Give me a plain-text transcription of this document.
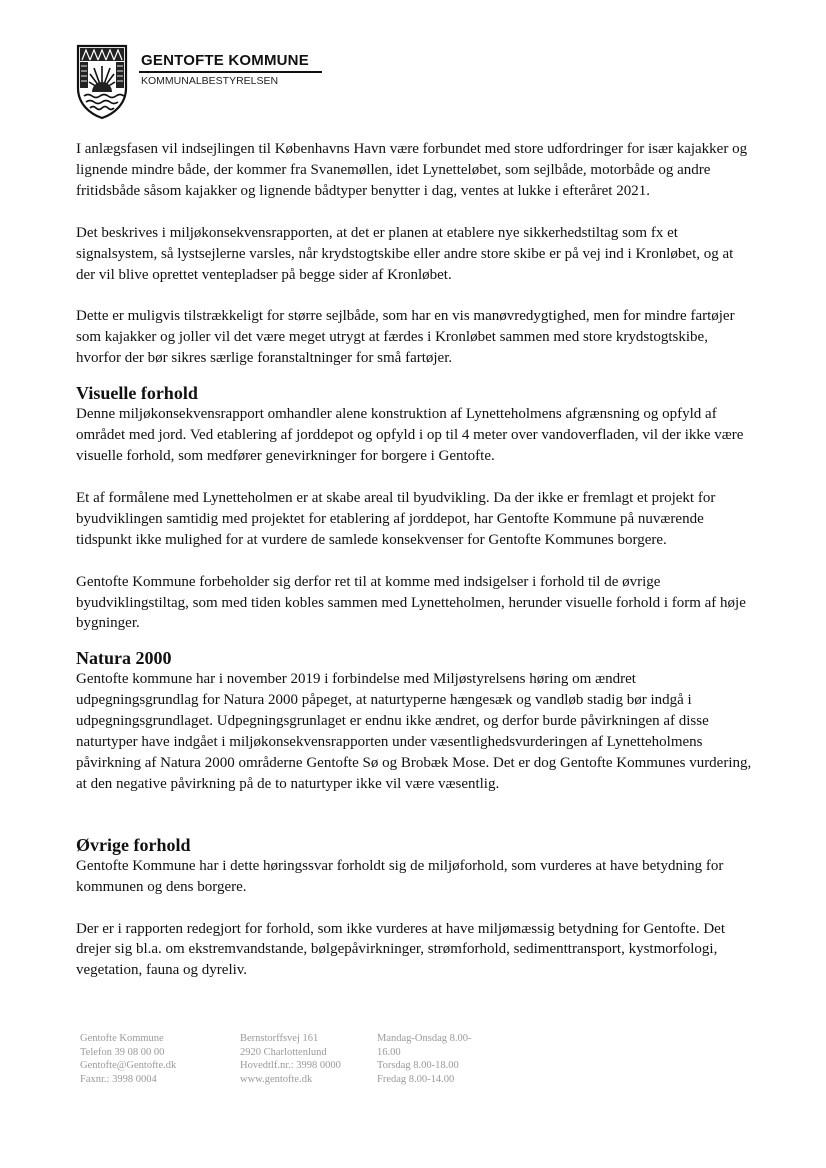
GENTOFTE KOMMUNE
KOMMUNALBESTYRELSEN

I anlægsfasen vil indsejlingen til Københavns Havn være forbundet med store udfordringer for især kajakker og lignende mindre både, der kommer fra Svanemøllen, idet Lynetteløbet, som sejlbåde, motorbåde og andre fritidsbåde såsom kajakker og lignende bådtyper benytter i dag, ventes at lukke i efteråret 2021.

Det beskrives i miljøkonsekvensrapporten, at det er planen at etablere nye sikkerhedstiltag som fx et signalsystem, så lystsejlerne varsles, når krydstogtskibe eller andre store skibe er på vej ind i Kronløbet, og at der vil blive oprettet ventepladser på begge sider af Kronløbet.

Dette er muligvis tilstrækkeligt for større sejlbåde, som har en vis manøvredygtighed, men for mindre fartøjer som kajakker og joller vil det være meget utrygt at færdes i Kronløbet sammen med store krydstogtskibe, hvorfor der bør sikres særlige foranstaltninger for små fartøjer.

Visuelle forhold

Denne miljøkonsekvensrapport omhandler alene konstruktion af Lynetteholmens afgrænsning og opfyld af området med jord. Ved etablering af jorddepot og opfyld i op til 4 meter over vandoverfladen, vil der ikke være visuelle forhold, som medfører genevirkninger for borgere i Gentofte.

Et af formålene med Lynetteholmen er at skabe areal til byudvikling. Da der ikke er fremlagt et projekt for byudviklingen samtidig med projektet for etablering af jorddepot, har Gentofte Kommune på nuværende tidspunkt ikke mulighed for at vurdere de samlede konsekvenser for Gentofte Kommunes borgere.

Gentofte Kommune forbeholder sig derfor ret til at komme med indsigelser i forhold til de øvrige byudviklingstiltag, som med tiden kobles sammen med Lynetteholmen, herunder visuelle forhold i form af høje bygninger.

Natura 2000

Gentofte kommune har i november 2019 i forbindelse med Miljøstyrelsens høring om ændret udpegningsgrundlag for Natura 2000 påpeget, at naturtyperne hængesæk og vandløb stadig bør indgå i udpegningsgrundlaget. Udpegningsgrunlaget er endnu ikke ændret, og derfor burde påvirkningen af disse naturtyper have indgået i miljøkonsekvensrapporten under væsentlighedsvurderingen af Lynetteholmens påvirkning af Natura 2000 områderne Gentofte Sø og Brobæk Mose. Det er dog Gentofte Kommunes vurdering, at den negative påvirkning på de to naturtyper ikke vil være væsentlig.

Øvrige forhold

Gentofte Kommune har i dette høringssvar forholdt sig de miljøforhold, som vurderes at have betydning for kommunen og dens borgere.

Der er i rapporten redegjort for forhold, som ikke vurderes at have miljømæssig betydning for Gentofte. Det drejer sig bl.a. om ekstremvandstande, bølgepåvirkninger, strømforhold, sedimenttransport, kystmorfologi, vegetation, fauna og dyreliv.

Gentofte Kommune
Telefon 39 08 00 00
Gentofte@Gentofte.dk
Faxnr.: 3998 0004
Bernstorffsvej 161
2920 Charlottenlund
Hovedtlf.nr.: 3998 0000
www.gentofte.dk
Mandag-Onsdag 8.00-
16.00
Torsdag 8.00-18.00
Fredag 8.00-14.00
